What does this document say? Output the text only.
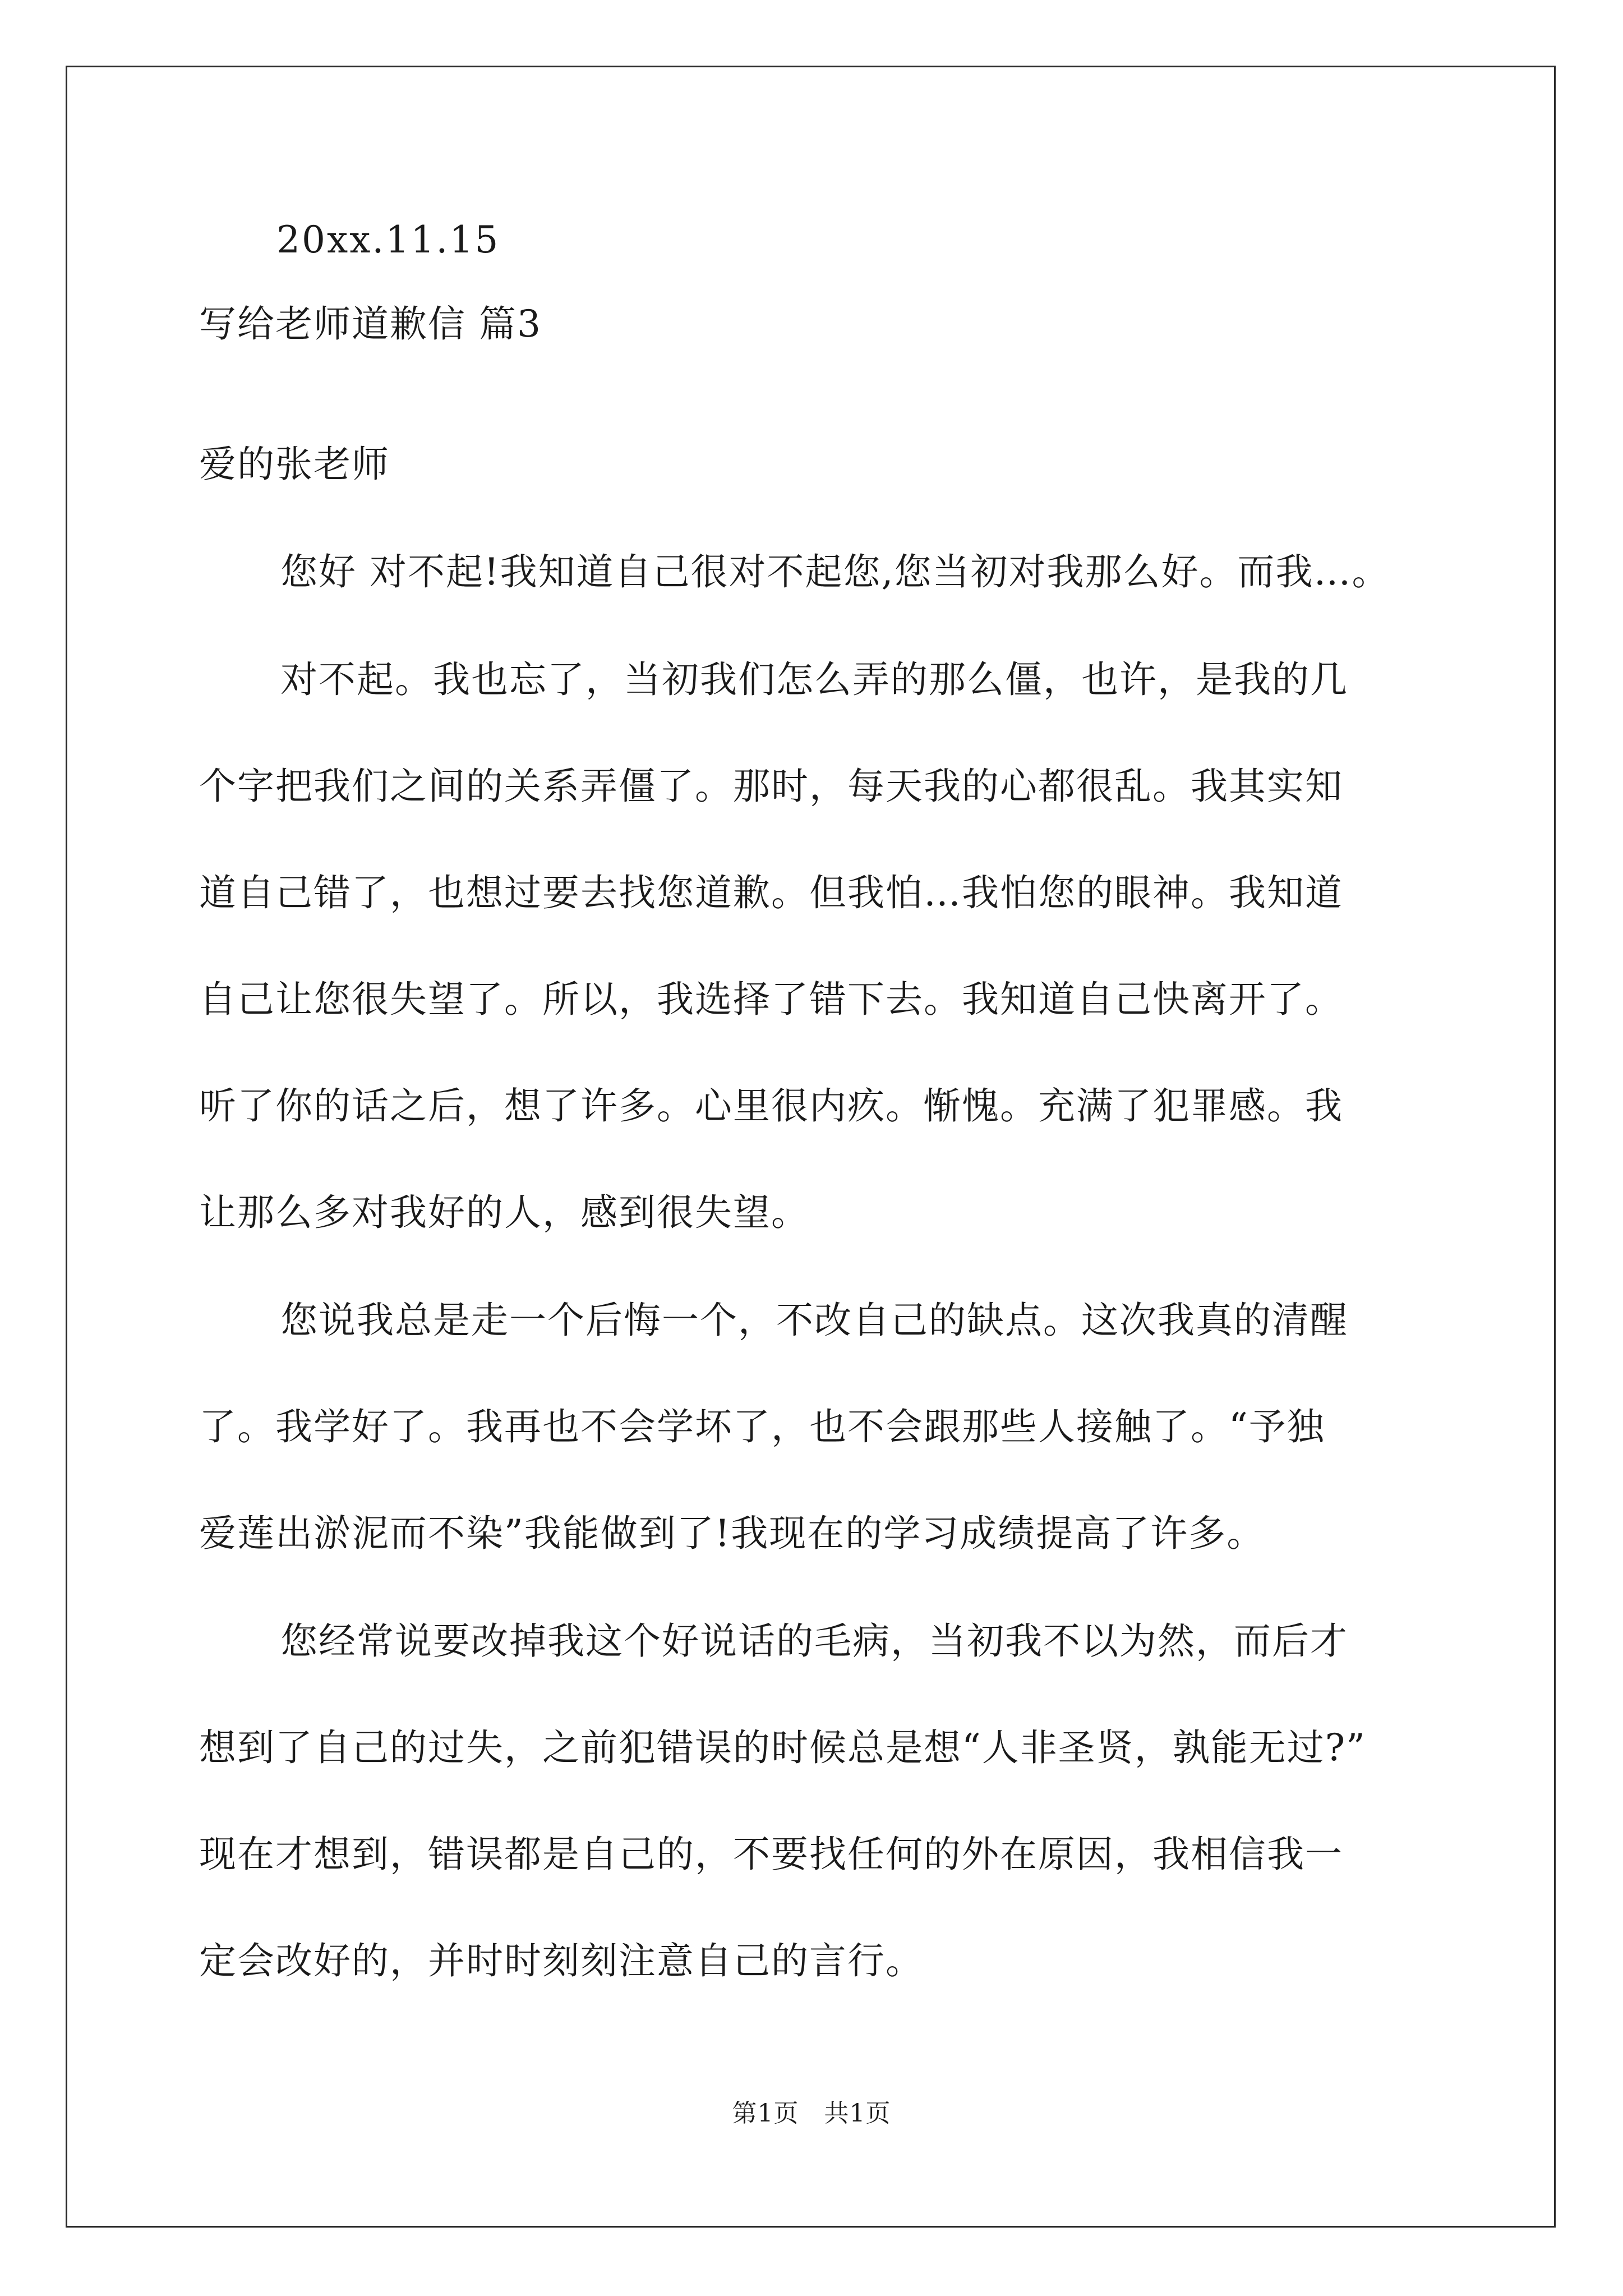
20xx.11.15
写给老师道歉信 篇3
爱的张老师
您好 对不起!我知道自己很对不起您,您当初对我那么好。而我…。
对不起。我也忘了，当初我们怎么弄的那么僵，也许，是我的几
个字把我们之间的关系弄僵了。那时，每天我的心都很乱。我其实知
道自己错了，也想过要去找您道歉。但我怕…我怕您的眼神。我知道
自己让您很失望了。所以，我选择了错下去。我知道自己快离开了。
听了你的话之后，想了许多。心里很内疚。惭愧。充满了犯罪感。我
让那么多对我好的人，感到很失望。
您说我总是走一个后悔一个，不改自己的缺点。这次我真的清醒
了。我学好了。我再也不会学坏了，也不会跟那些人接触了。“予独
爱莲出淤泥而不染”我能做到了!我现在的学习成绩提高了许多。
您经常说要改掉我这个好说话的毛病，当初我不以为然，而后才
想到了自己的过失，之前犯错误的时候总是想“人非圣贤，孰能无过?”
现在才想到，错误都是自己的，不要找任何的外在原因，我相信我一
定会改好的，并时时刻刻注意自己的言行。
第1页　共1页
